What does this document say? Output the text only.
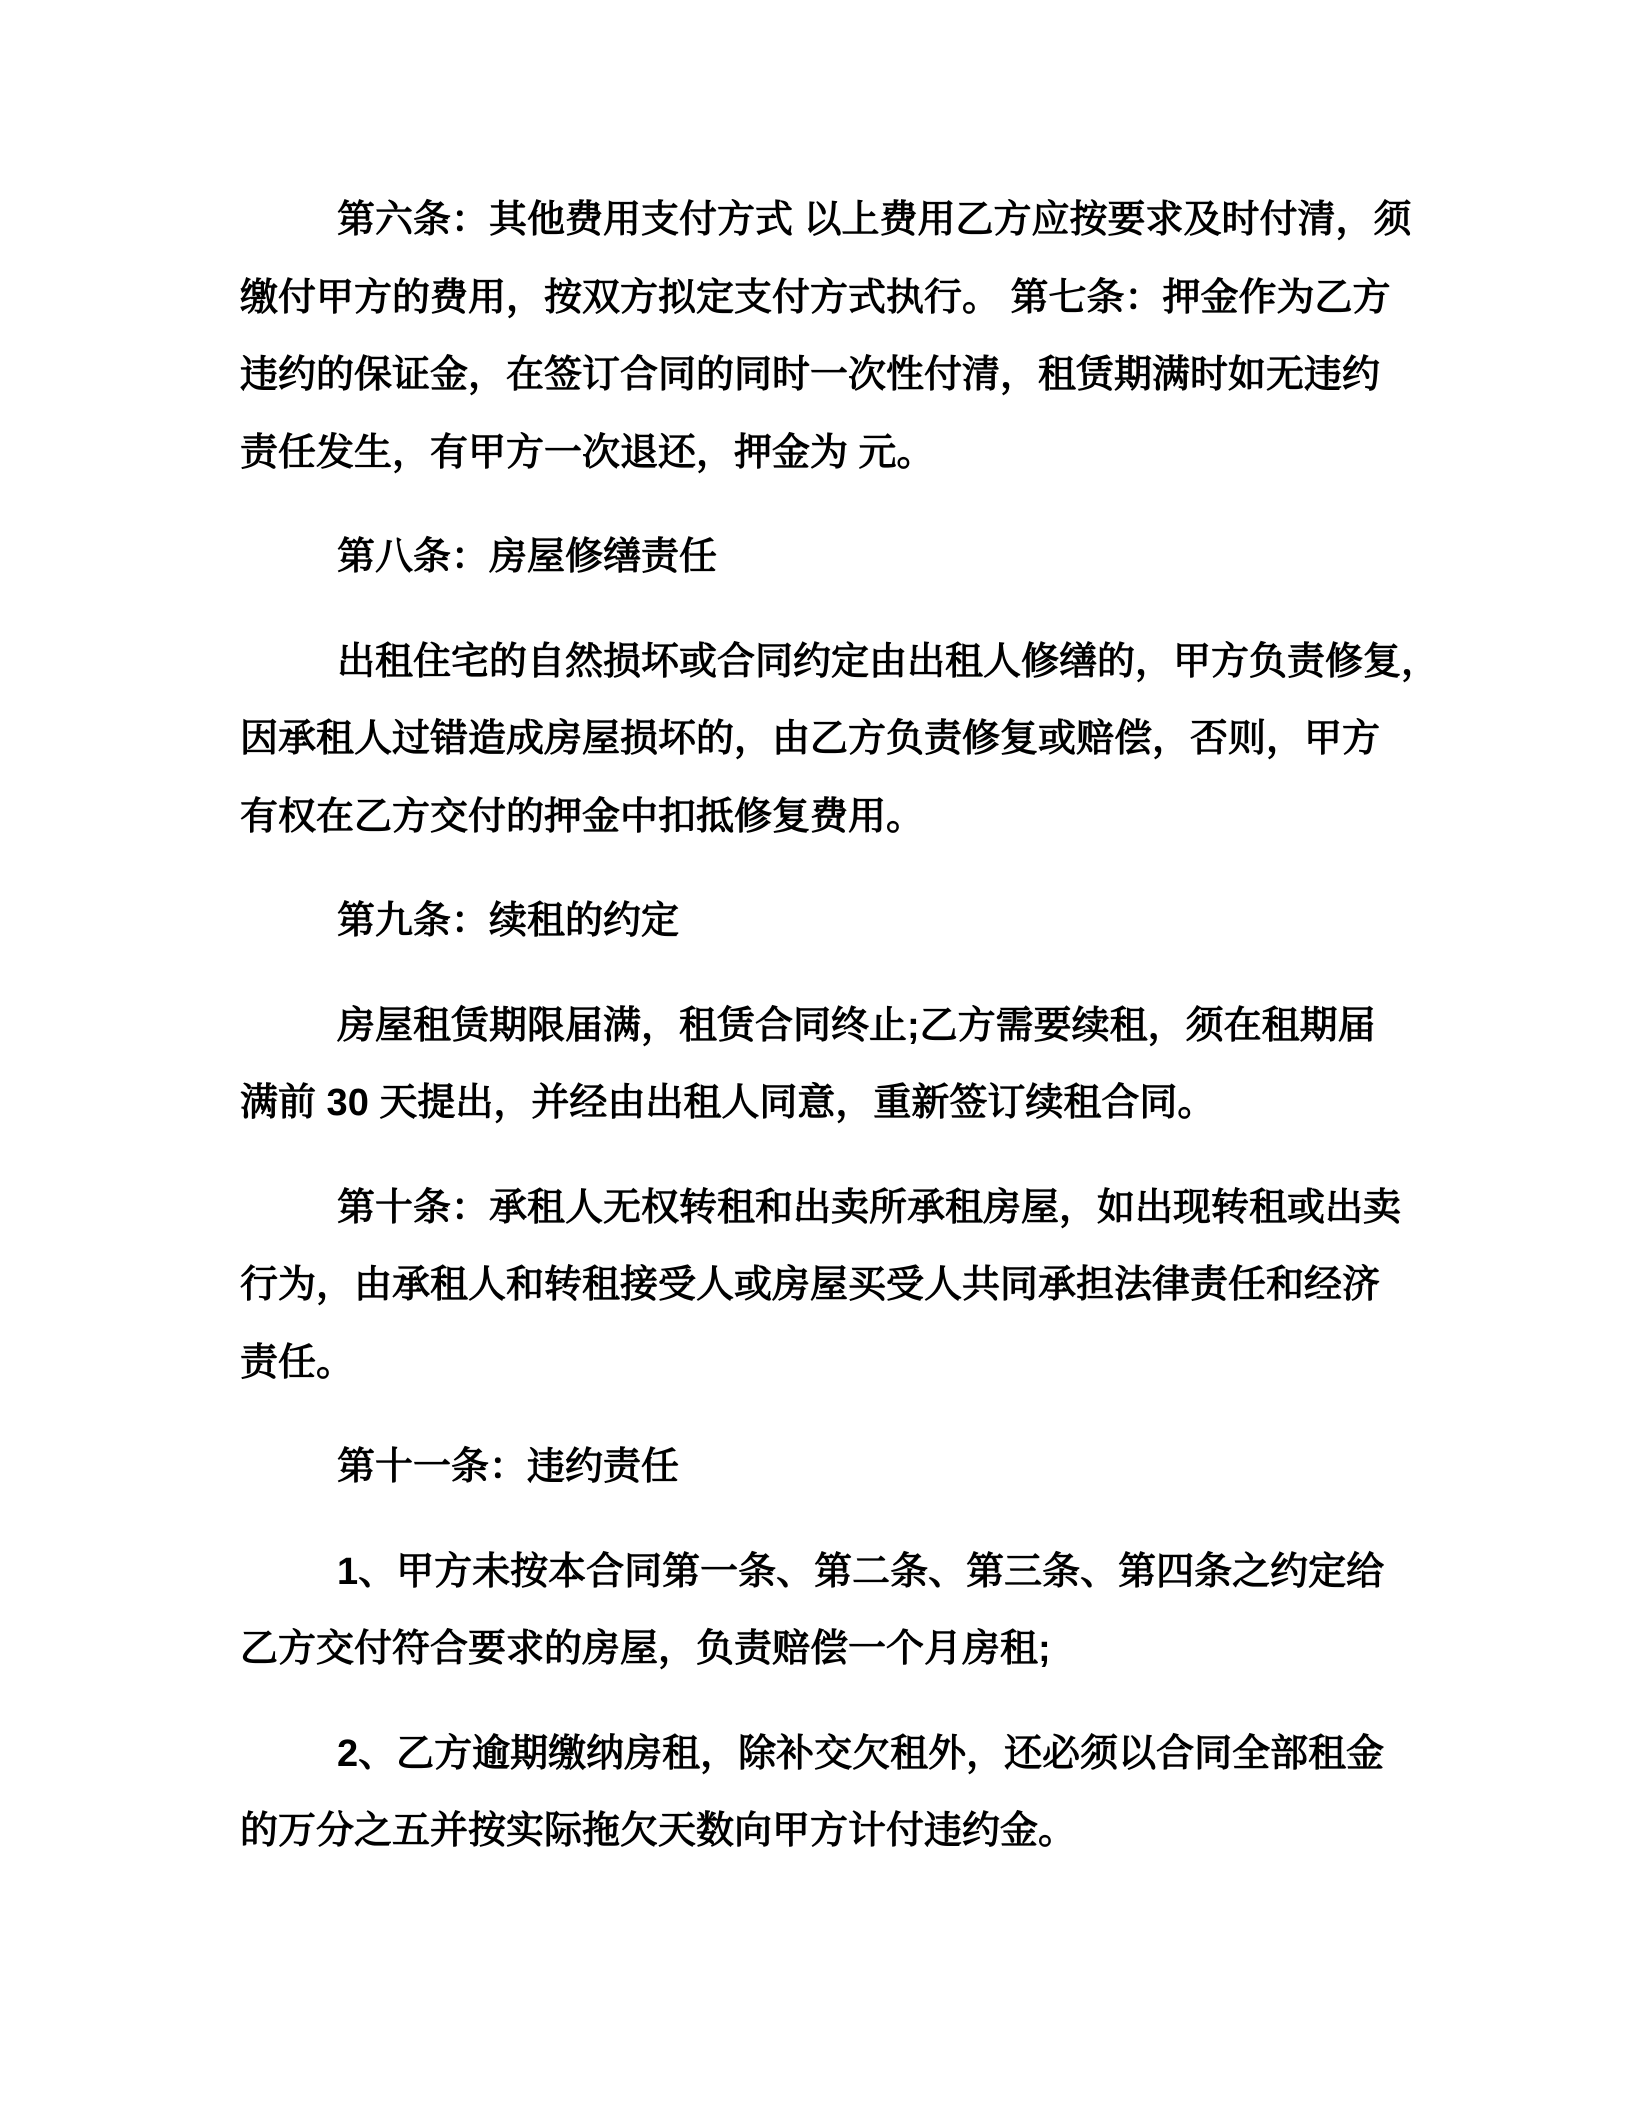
第六条：其他费用支付方式 以上费用乙方应按要求及时付清，须
缴付甲方的费用，按双方拟定支付方式执行。 第七条：押金作为乙方
违约的保证金，在签订合同的同时一次性付清，租赁期满时如无违约
责任发生，有甲方一次退还，押金为 元。
第八条：房屋修缮责任
出租住宅的自然损坏或合同约定由出租人修缮的，甲方负责修复，
因承租人过错造成房屋损坏的，由乙方负责修复或赔偿，否则，甲方
有权在乙方交付的押金中扣抵修复费用。
第九条：续租的约定
房屋租赁期限届满，租赁合同终止;乙方需要续租，须在租期届
满前 30 天提出，并经由出租人同意，重新签订续租合同。
第十条：承租人无权转租和出卖所承租房屋，如出现转租或出卖
行为，由承租人和转租接受人或房屋买受人共同承担法律责任和经济
责任。
第十一条：违约责任
1、甲方未按本合同第一条、第二条、第三条、第四条之约定给
乙方交付符合要求的房屋，负责赔偿一个月房租;
2、乙方逾期缴纳房租，除补交欠租外，还必须以合同全部租金
的万分之五并按实际拖欠天数向甲方计付违约金。
